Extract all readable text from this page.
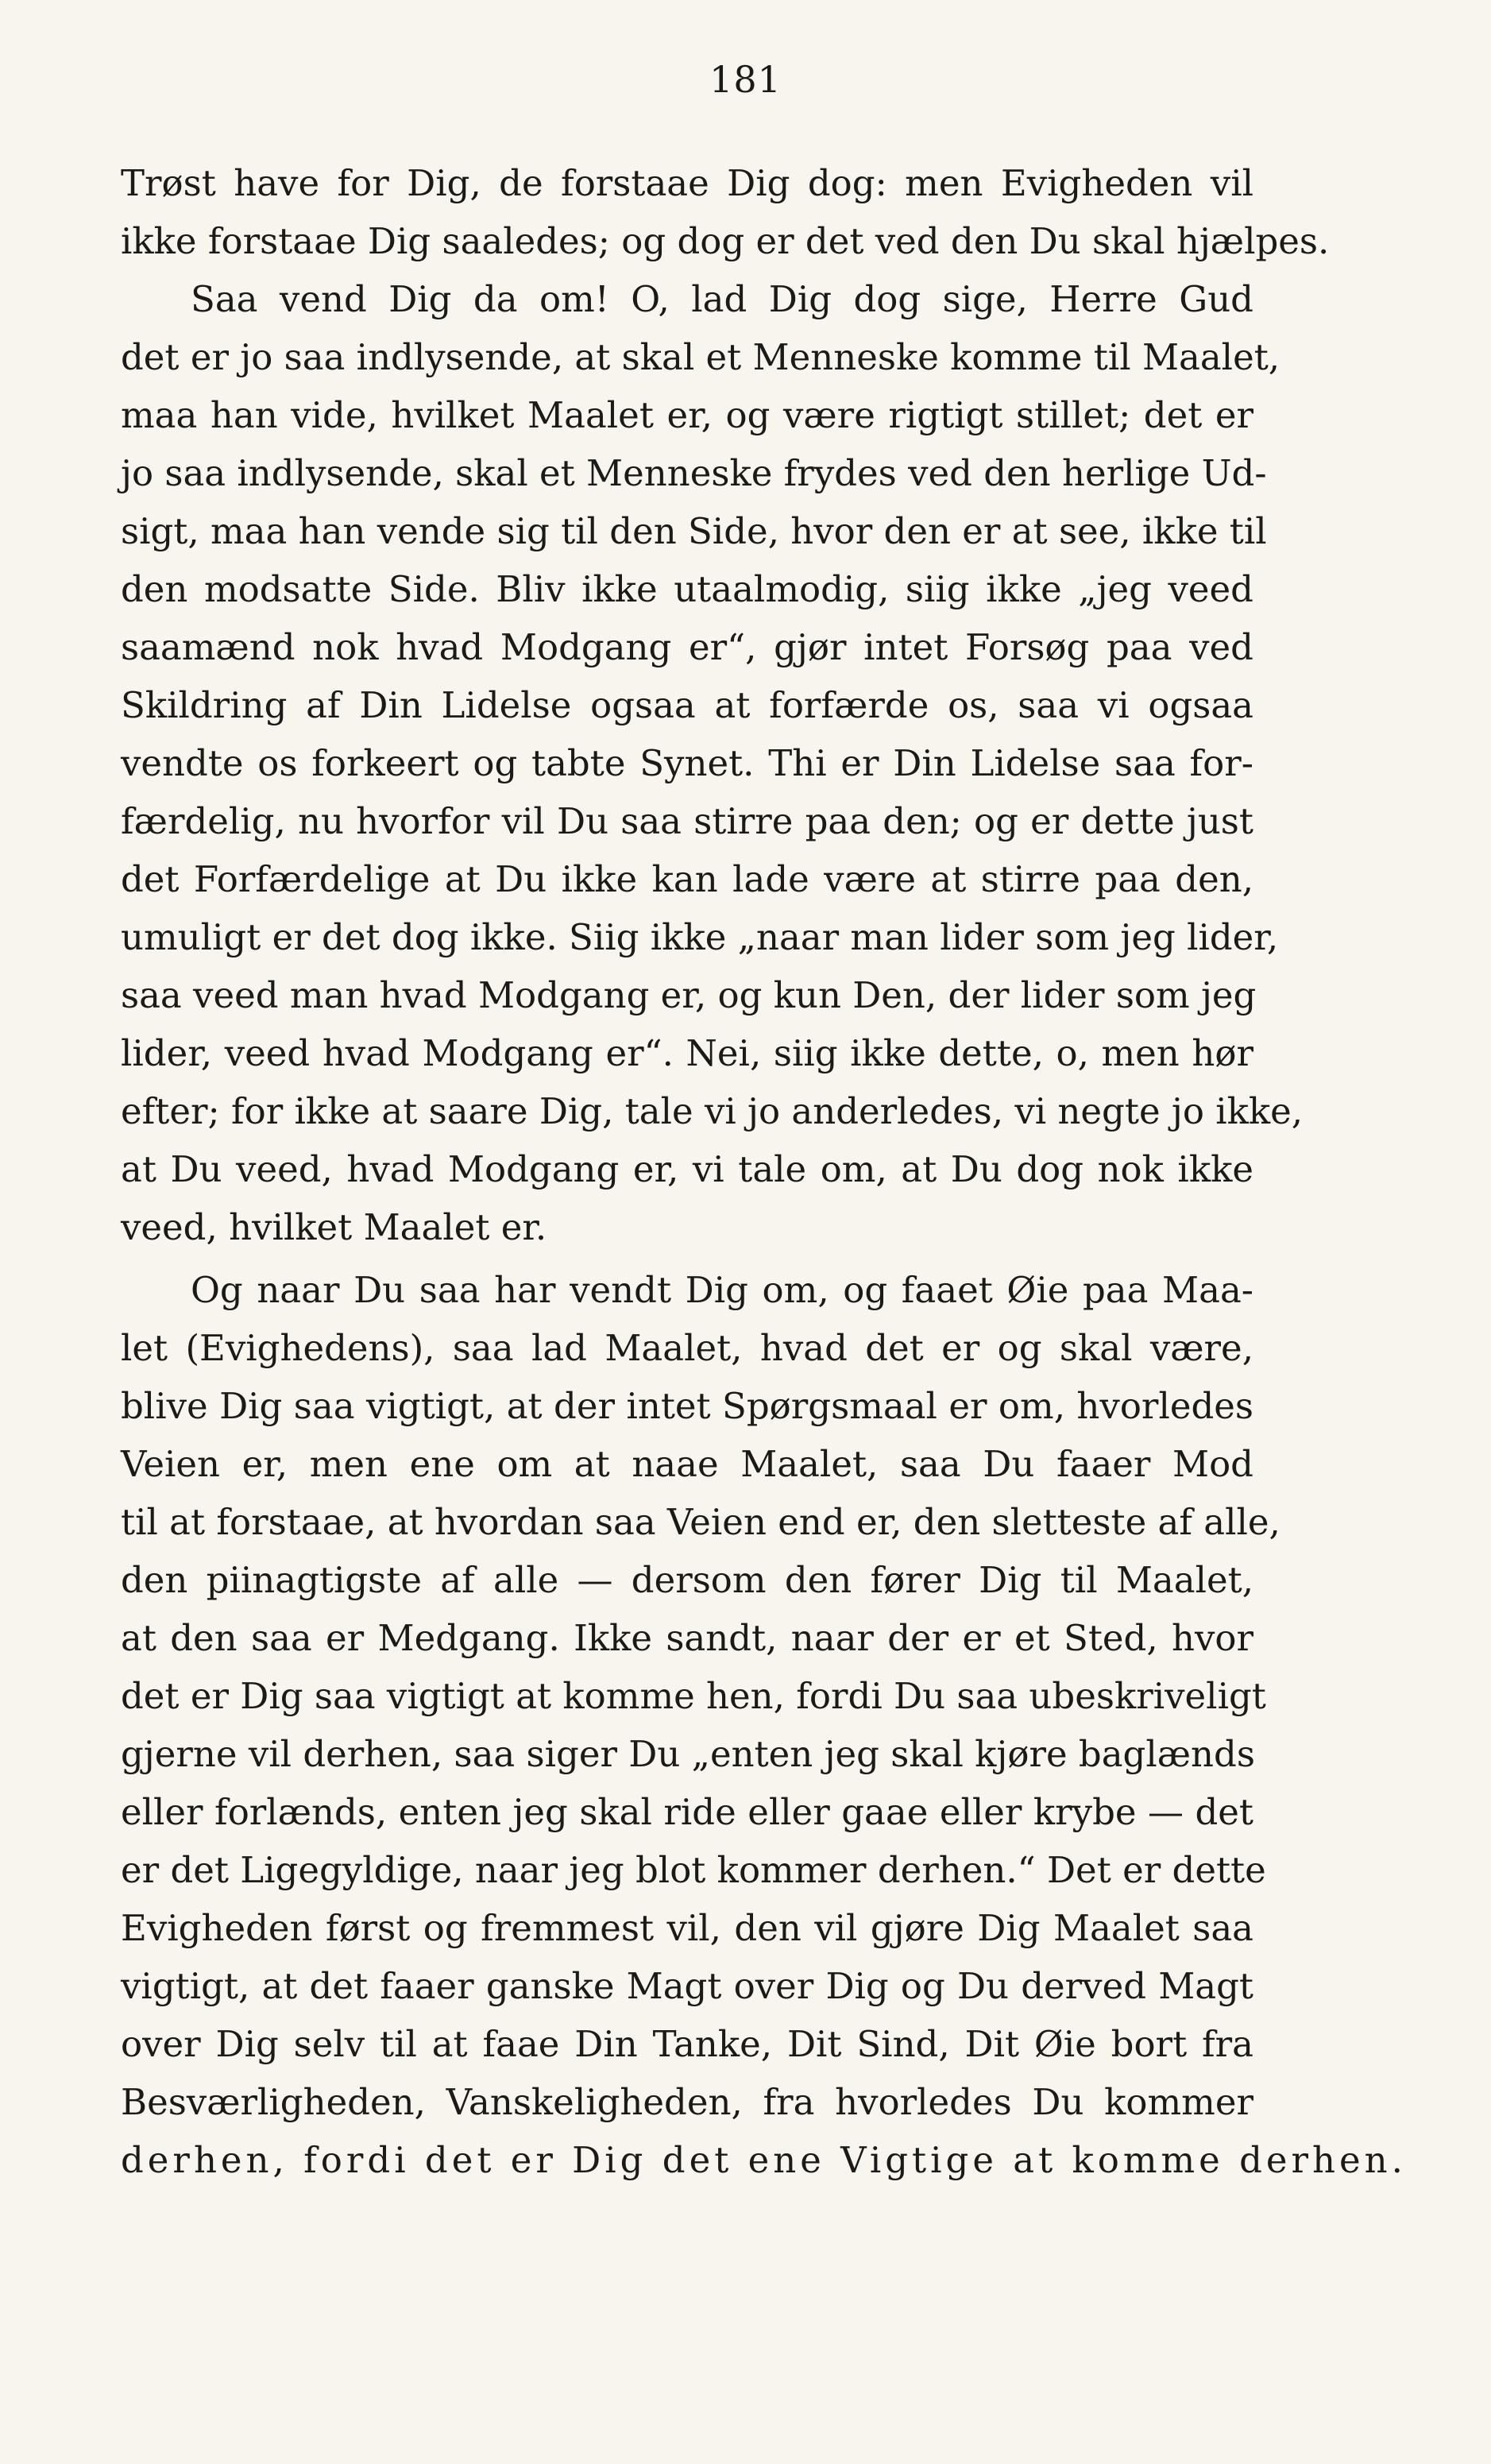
181
Trøst have for Dig, de forstaae Dig dog: men Evigheden vil
ikke forstaae Dig saaledes; og dog er det ved den Du skal hjælpes.
Saa vend Dig da om! O, lad Dig dog sige, Herre Gud
det er jo saa indlysende, at skal et Menneske komme til Maalet,
maa han vide, hvilket Maalet er, og være rigtigt stillet; det er
jo saa indlysende, skal et Menneske frydes ved den herlige Ud-
sigt, maa han vende sig til den Side, hvor den er at see, ikke til
den modsatte Side. Bliv ikke utaalmodig, siig ikke „jeg veed
saamænd nok hvad Modgang er“, gjør intet Forsøg paa ved
Skildring af Din Lidelse ogsaa at forfærde os, saa vi ogsaa
vendte os forkeert og tabte Synet. Thi er Din Lidelse saa for-
færdelig, nu hvorfor vil Du saa stirre paa den; og er dette just
det Forfærdelige at Du ikke kan lade være at stirre paa den,
umuligt er det dog ikke. Siig ikke „naar man lider som jeg lider,
saa veed man hvad Modgang er, og kun Den, der lider som jeg
lider, veed hvad Modgang er“. Nei, siig ikke dette, o, men hør
efter; for ikke at saare Dig, tale vi jo anderledes, vi negte jo ikke,
at Du veed, hvad Modgang er, vi tale om, at Du dog nok ikke
veed, hvilket Maalet er.
Og naar Du saa har vendt Dig om, og faaet Øie paa Maa-
let (Evighedens), saa lad Maalet, hvad det er og skal være,
blive Dig saa vigtigt, at der intet Spørgsmaal er om, hvorledes
Veien er, men ene om at naae Maalet, saa Du faaer Mod
til at forstaae, at hvordan saa Veien end er, den sletteste af alle,
den piinagtigste af alle — dersom den fører Dig til Maalet,
at den saa er Medgang. Ikke sandt, naar der er et Sted, hvor
det er Dig saa vigtigt at komme hen, fordi Du saa ubeskriveligt
gjerne vil derhen, saa siger Du „enten jeg skal kjøre baglænds
eller forlænds, enten jeg skal ride eller gaae eller krybe — det
er det Ligegyldige, naar jeg blot kommer derhen.“ Det er dette
Evigheden først og fremmest vil, den vil gjøre Dig Maalet saa
vigtigt, at det faaer ganske Magt over Dig og Du derved Magt
over Dig selv til at faae Din Tanke, Dit Sind, Dit Øie bort fra
Besværligheden, Vanskeligheden, fra hvorledes Du kommer
derhen, fordi det er Dig det ene Vigtige at komme derhen.
